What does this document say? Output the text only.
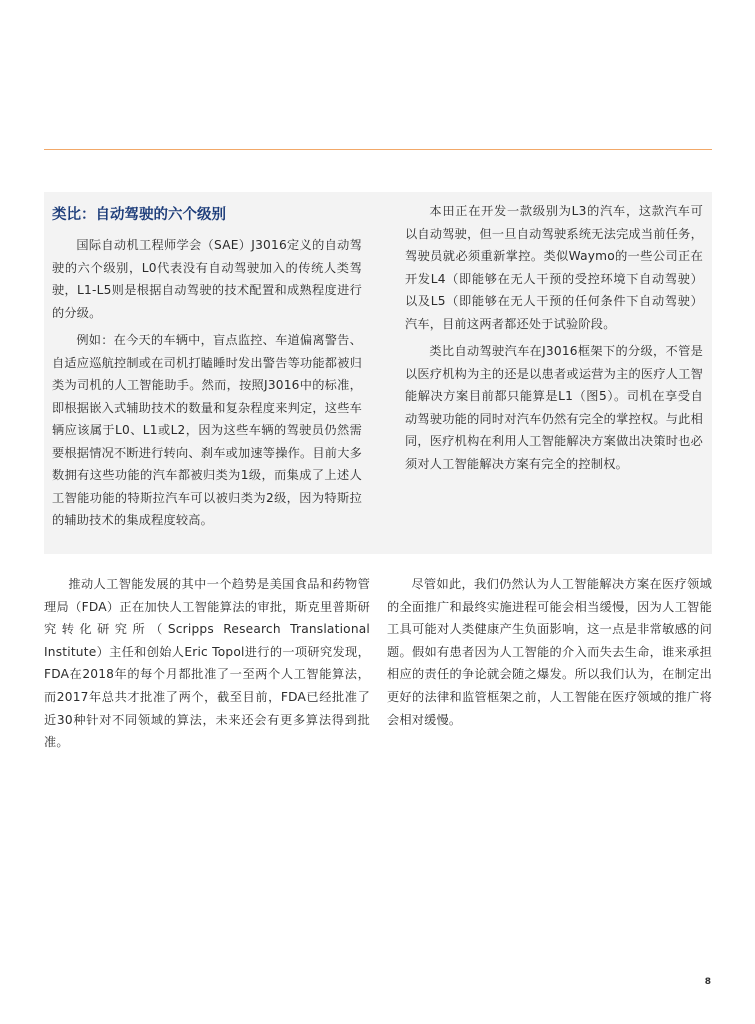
类比：自动驾驶的六个级别

国际自动机工程师学会（SAE）J3016定义的自动驾驶的六个级别，L0代表没有自动驾驶加入的传统人类驾驶，L1-L5则是根据自动驾驶的技术配置和成熟程度进行的分级。

例如：在今天的车辆中，盲点监控、车道偏离警告、自适应巡航控制或在司机打瞌睡时发出警告等功能都被归类为司机的人工智能助手。然而，按照J3016中的标准，即根据嵌入式辅助技术的数量和复杂程度来判定，这些车辆应该属于L0、L1或L2，因为这些车辆的驾驶员仍然需要根据情况不断进行转向、刹车或加速等操作。目前大多数拥有这些功能的汽车都被归类为1级，而集成了上述人工智能功能的特斯拉汽车可以被归类为2级，因为特斯拉的辅助技术的集成程度较高。

本田正在开发一款级别为L3的汽车，这款汽车可以自动驾驶，但一旦自动驾驶系统无法完成当前任务，驾驶员就必须重新掌控。类似Waymo的一些公司正在开发L4（即能够在无人干预的受控环境下自动驾驶）以及L5（即能够在无人干预的任何条件下自动驾驶）汽车，目前这两者都还处于试验阶段。

类比自动驾驶汽车在J3016框架下的分级，不管是以医疗机构为主的还是以患者或运营为主的医疗人工智能解决方案目前都只能算是L1（图5）。司机在享受自动驾驶功能的同时对汽车仍然有完全的掌控权。与此相同，医疗机构在利用人工智能解决方案做出决策时也必须对人工智能解决方案有完全的控制权。

推动人工智能发展的其中一个趋势是美国食品和药物管理局（FDA）正在加快人工智能算法的审批，斯克里普斯研究转化研究所（Scripps Research Translational Institute）主任和创始人Eric Topol进行的一项研究发现，FDA在2018年的每个月都批准了一至两个人工智能算法，而2017年总共才批准了两个，截至目前，FDA已经批准了近30种针对不同领域的算法，未来还会有更多算法得到批准。

尽管如此，我们仍然认为人工智能解决方案在医疗领域的全面推广和最终实施进程可能会相当缓慢，因为人工智能工具可能对人类健康产生负面影响，这一点是非常敏感的问题。假如有患者因为人工智能的介入而失去生命，谁来承担相应的责任的争论就会随之爆发。所以我们认为，在制定出更好的法律和监管框架之前，人工智能在医疗领域的推广将会相对缓慢。

8
